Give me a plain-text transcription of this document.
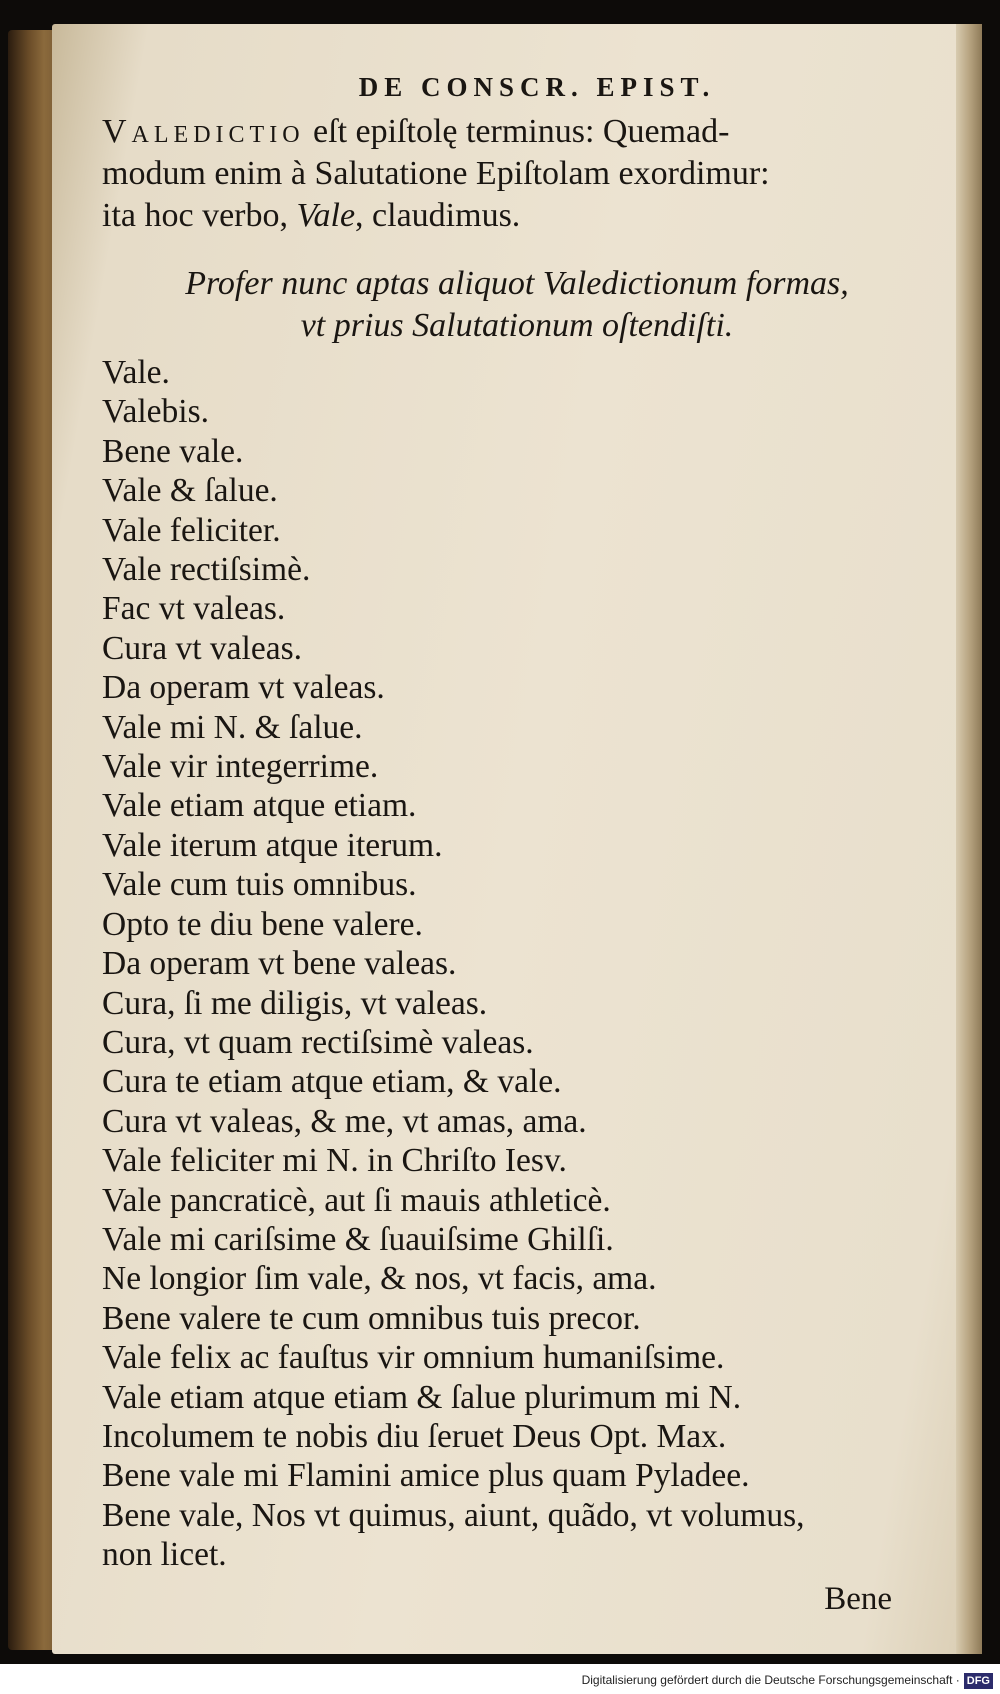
DE CONSCR. EPIST.

Valedictio eſt epiſtolę terminus: Quemad-
modum enim à Salutatione Epiſtolam exordimur:
ita hoc verbo, Vale, claudimus.

Profer nunc aptas aliquot Valedictionum formas,
vt prius Salutationum oſtendiſti.
Vale.
Valebis.
Bene vale.
Vale & ſalue.
Vale feliciter.
Vale rectiſsimè.
Fac vt valeas.
Cura vt valeas.
Da operam vt valeas.
Vale mi N. & ſalue.
Vale vir integerrime.
Vale etiam atque etiam.
Vale iterum atque iterum.
Vale cum tuis omnibus.
Opto te diu bene valere.
Da operam vt bene valeas.
Cura, ſi me diligis, vt valeas.
Cura, vt quam rectiſsimè valeas.
Cura te etiam atque etiam, & vale.
Cura vt valeas, & me, vt amas, ama.
Vale feliciter mi N. in Chriſto Iesv.
Vale pancraticè, aut ſi mauis athleticè.
Vale mi cariſsime & ſuauiſsime Ghilſi.
Ne longior ſim vale, & nos, vt facis, ama.
Bene valere te cum omnibus tuis precor.
Vale felix ac fauſtus vir omnium humaniſsime.
Vale etiam atque etiam & ſalue plurimum mi N.
Incolumem te nobis diu ſeruet Deus Opt. Max.
Bene vale mi Flamini amice plus quam Pyladee.
Bene vale, Nos vt quimus, aiunt, quãdo, vt volumus,
non licet.
Bene
Digitalisierung gefördert durch die Deutsche Forschungsgemeinschaft · DFG
